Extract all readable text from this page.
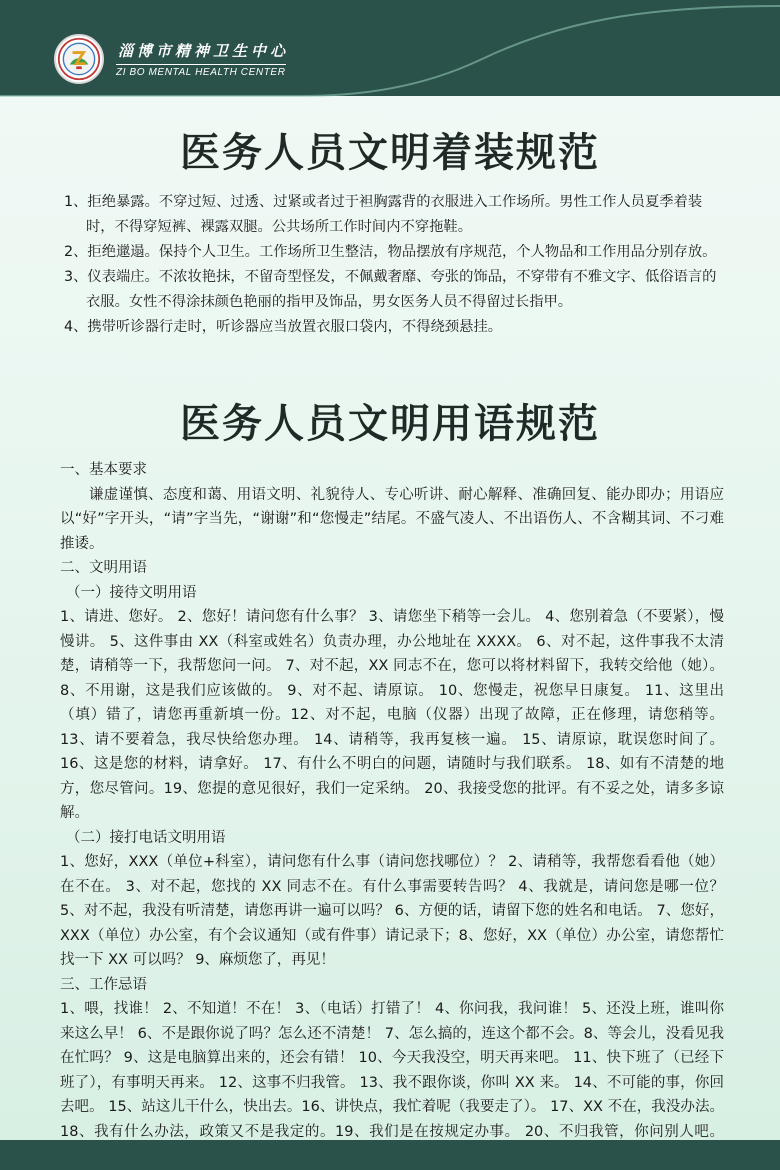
淄博市精神卫生中心
ZI BO MENTAL HEALTH CENTER
医务人员文明着装规范
1、拒绝暴露。不穿过短、过透、过紧或者过于袒胸露背的衣服进入工作场所。男性工作人员夏季着装时，不得穿短裤、裸露双腿。公共场所工作时间内不穿拖鞋。
2、拒绝邋遢。保持个人卫生。工作场所卫生整洁，物品摆放有序规范，个人物品和工作用品分别存放。
3、仪表端庄。不浓妆艳抹，不留奇型怪发，不佩戴奢靡、夸张的饰品，不穿带有不雅文字、低俗语言的衣服。女性不得涂抹颜色艳丽的指甲及饰品，男女医务人员不得留过长指甲。
4、携带听诊器行走时，听诊器应当放置衣服口袋内，不得绕颈悬挂。
医务人员文明用语规范

一、基本要求

谦虚谨慎、态度和蔼、用语文明、礼貌待人、专心听讲、耐心解释、准确回复、能办即办；用语应以“好”字开头，“请”字当先，“谢谢”和“您慢走”结尾。不盛气凌人、不出语伤人、不含糊其词、不刁难推诿。

二、文明用语

（一）接待文明用语

1、请进、您好。 2、您好！请问您有什么事？ 3、请您坐下稍等一会儿。 4、您别着急（不要紧），慢慢讲。 5、这件事由 XX（科室或姓名）负责办理，办公地址在 XXXX。 6、对不起，这件事我不太清楚，请稍等一下，我帮您问一问。 7、对不起，XX 同志不在，您可以将材料留下，我转交给他（她）。 8、不用谢，这是我们应该做的。 9、对不起、请原谅。 10、您慢走，祝您早日康复。 11、这里出（填）错了，请您再重新填一份。12、对不起，电脑（仪器）出现了故障，正在修理，请您稍等。 13、请不要着急，我尽快给您办理。 14、请稍等，我再复核一遍。 15、请原谅，耽误您时间了。 16、这是您的材料，请拿好。 17、有什么不明白的问题，请随时与我们联系。 18、如有不清楚的地方，您尽管问。19、您提的意见很好，我们一定采纳。 20、我接受您的批评。有不妥之处，请多多谅解。

（二）接打电话文明用语

1、您好，XXX（单位+科室），请问您有什么事（请问您找哪位）？ 2、请稍等，我帮您看看他（她）在不在。 3、对不起，您找的 XX 同志不在。有什么事需要转告吗？ 4、我就是，请问您是哪一位？ 5、对不起，我没有听清楚，请您再讲一遍可以吗？ 6、方便的话，请留下您的姓名和电话。 7、您好，XXX（单位）办公室，有个会议通知（或有件事）请记录下；8、您好，XX（单位）办公室，请您帮忙找一下 XX 可以吗？ 9、麻烦您了，再见！

三、工作忌语

1、喂，找谁！ 2、不知道！不在！ 3、（电话）打错了！ 4、你问我，我问谁！ 5、还没上班，谁叫你来这么早！ 6、不是跟你说了吗？怎么还不清楚！ 7、怎么搞的，连这个都不会。8、等会儿，没看见我在忙吗？ 9、这是电脑算出来的，还会有错！ 10、今天我没空，明天再来吧。 11、快下班了（已经下班了），有事明天再来。 12、这事不归我管。 13、我不跟你谈，你叫 XX 来。 14、不可能的事，你回去吧。 15、站这儿干什么，快出去。16、讲快点，我忙着呢（我要走了）。 17、XX 不在，我没办法。 18、我有什么办法，政策又不是我定的。19、我们是在按规定办事。 20、不归我管，你问别人吧。
